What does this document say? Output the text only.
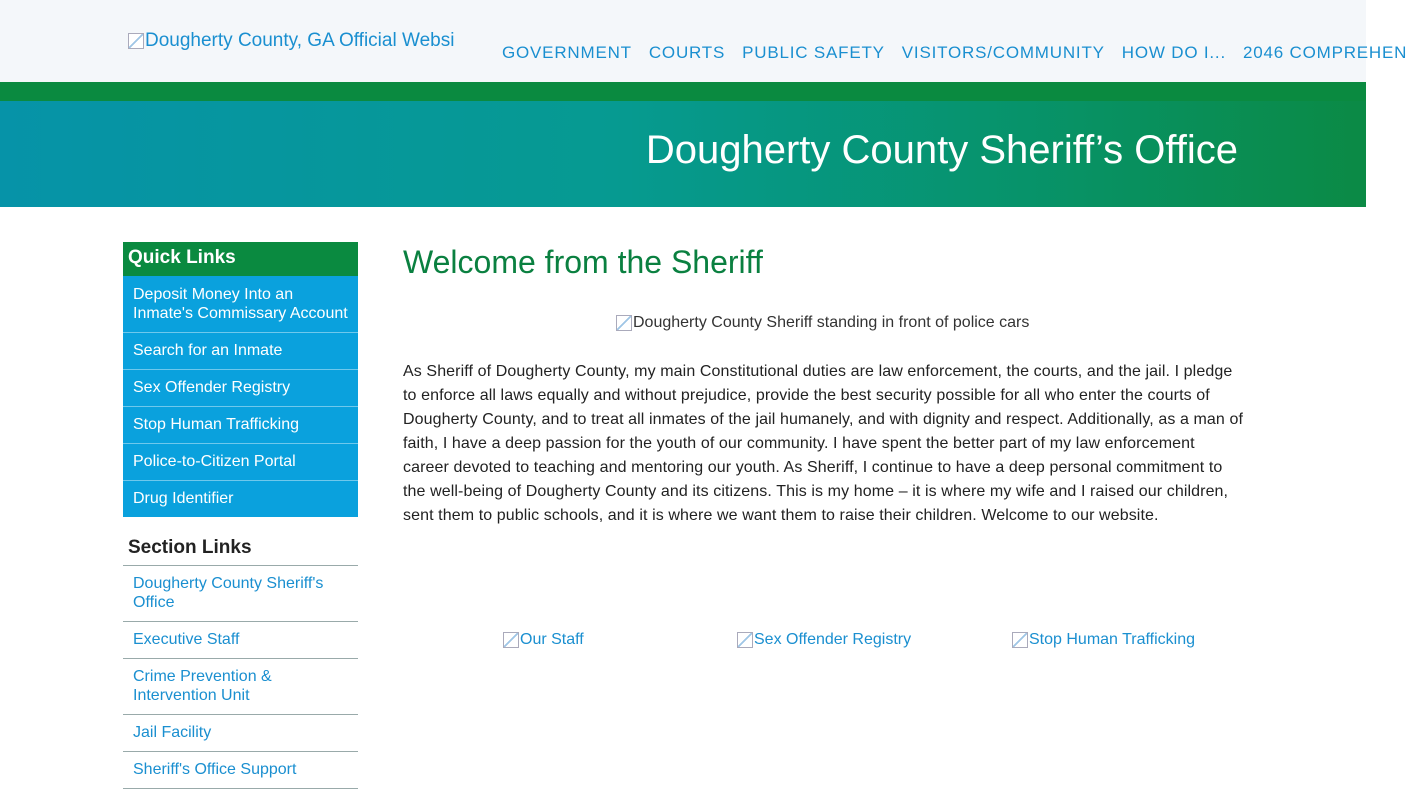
Dougherty County, GA Official Websi
GOVERNMENT COURTS PUBLIC SAFETY VISITORS/COMMUNITY HOW DO I... 2046 COMPREHEN
Dougherty County Sheriff’s Office
Quick Links
Deposit Money Into an Inmate's Commissary Account
Search for an Inmate
Sex Offender Registry
Stop Human Trafficking
Police-to-Citizen Portal
Drug Identifier
Section Links
Dougherty County Sheriff's Office
Executive Staff
Crime Prevention & Intervention Unit
Jail Facility
Sheriff's Office Support
Welcome from the Sheriff
Dougherty County Sheriff standing in front of police cars

As Sheriff of Dougherty County, my main Constitutional duties are law enforcement, the courts, and the jail. I pledge to enforce all laws equally and without prejudice, provide the best security possible for all who enter the courts of Dougherty County, and to treat all inmates of the jail humanely, and with dignity and respect. Additionally, as a man of faith, I have a deep passion for the youth of our community. I have spent the better part of my law enforcement career devoted to teaching and mentoring our youth. As Sheriff, I continue to have a deep personal commitment to the well-being of Dougherty County and its citizens. This is my home – it is where my wife and I raised our children, sent them to public schools, and it is where we want them to raise their children. Welcome to our website.

Our Staff	Sex Offender Registry	Stop Human Trafficking
